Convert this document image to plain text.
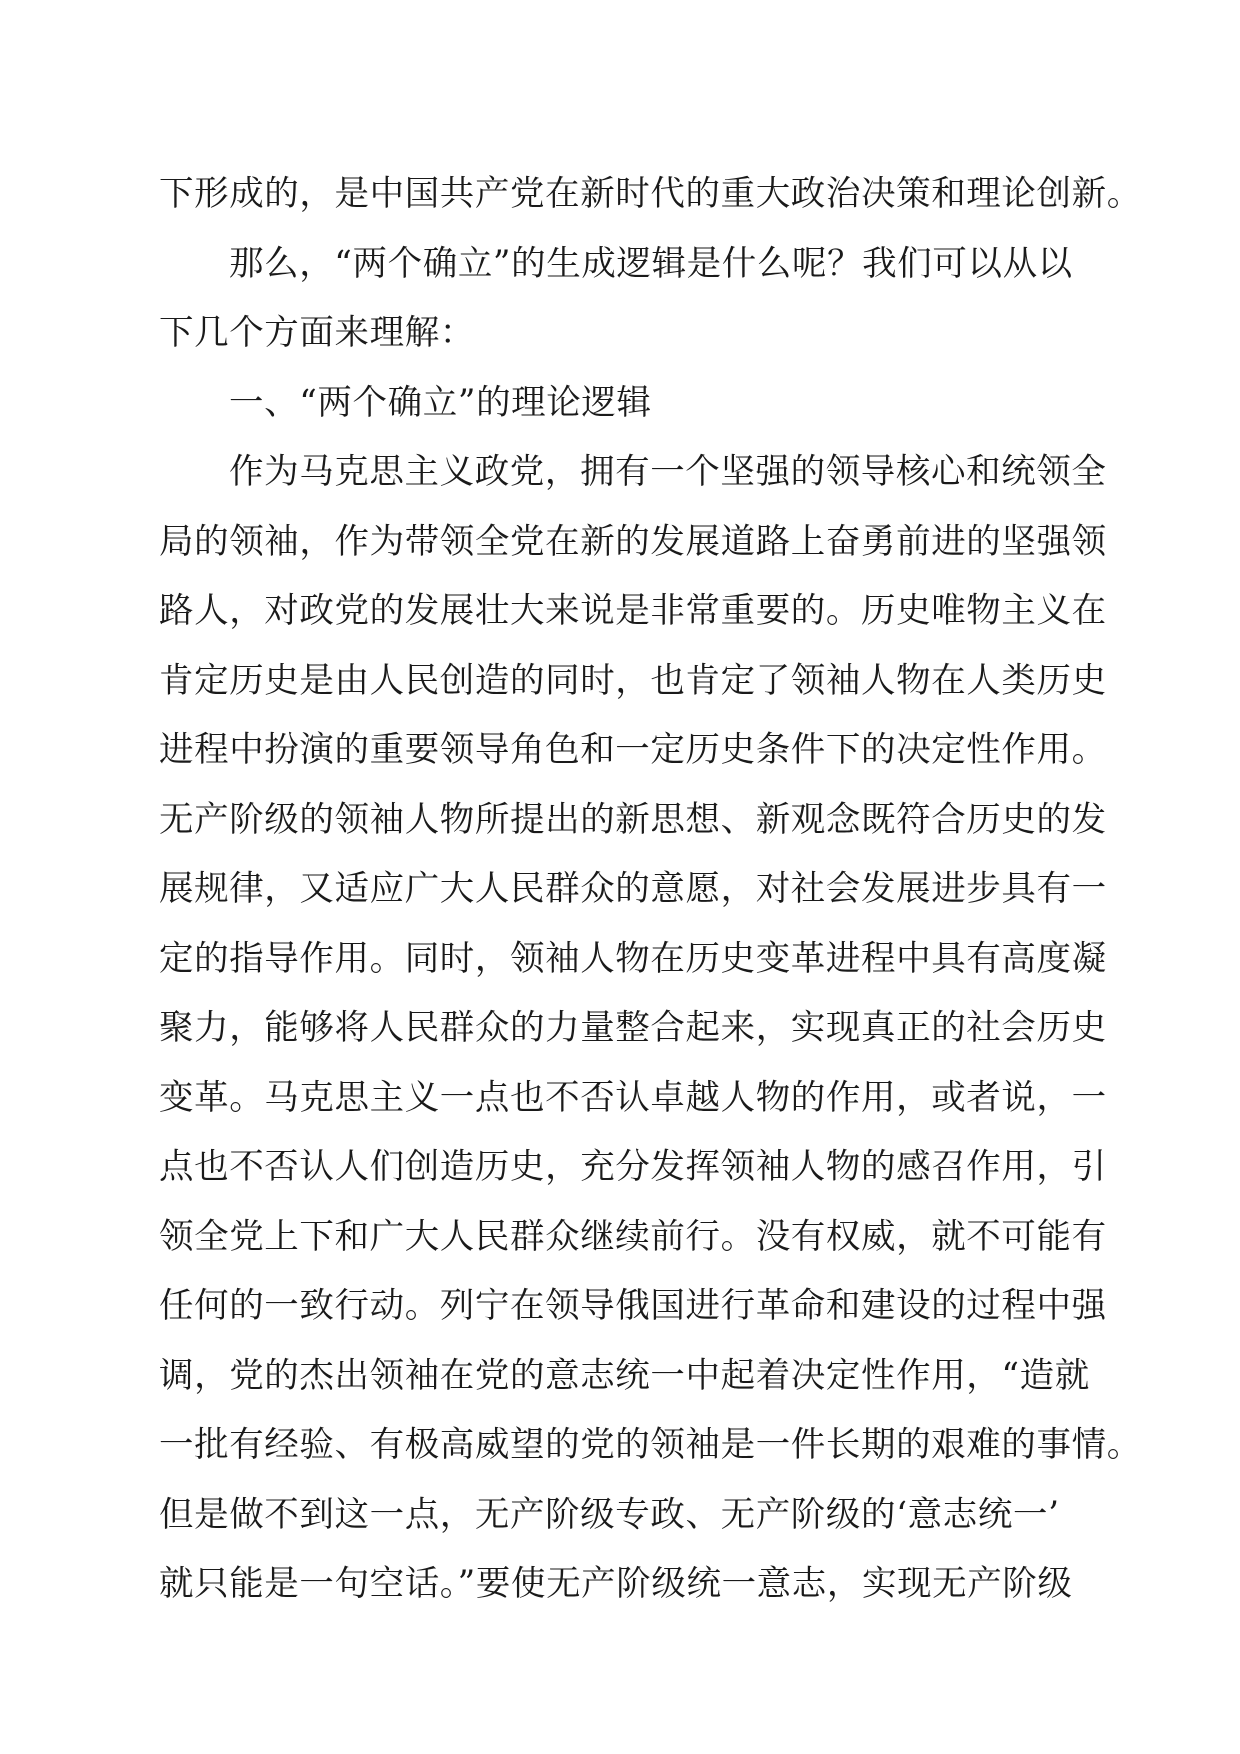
下形成的，是中国共产党在新时代的重大政治决策和理论创新。
那么，“两个确立”的生成逻辑是什么呢？我们可以从以
下几个方面来理解：
一、“两个确立”的理论逻辑
作为马克思主义政党，拥有一个坚强的领导核心和统领全
局的领袖，作为带领全党在新的发展道路上奋勇前进的坚强领
路人，对政党的发展壮大来说是非常重要的。历史唯物主义在
肯定历史是由人民创造的同时，也肯定了领袖人物在人类历史
进程中扮演的重要领导角色和一定历史条件下的决定性作用。
无产阶级的领袖人物所提出的新思想、新观念既符合历史的发
展规律，又适应广大人民群众的意愿，对社会发展进步具有一
定的指导作用。同时，领袖人物在历史变革进程中具有高度凝
聚力，能够将人民群众的力量整合起来，实现真正的社会历史
变革。马克思主义一点也不否认卓越人物的作用，或者说，一
点也不否认人们创造历史，充分发挥领袖人物的感召作用，引
领全党上下和广大人民群众继续前行。没有权威，就不可能有
任何的一致行动。列宁在领导俄国进行革命和建设的过程中强
调，党的杰出领袖在党的意志统一中起着决定性作用，“造就
一批有经验、有极高威望的党的领袖是一件长期的艰难的事情。
但是做不到这一点，无产阶级专政、无产阶级的‘意志统一’
就只能是一句空话。”要使无产阶级统一意志，实现无产阶级
